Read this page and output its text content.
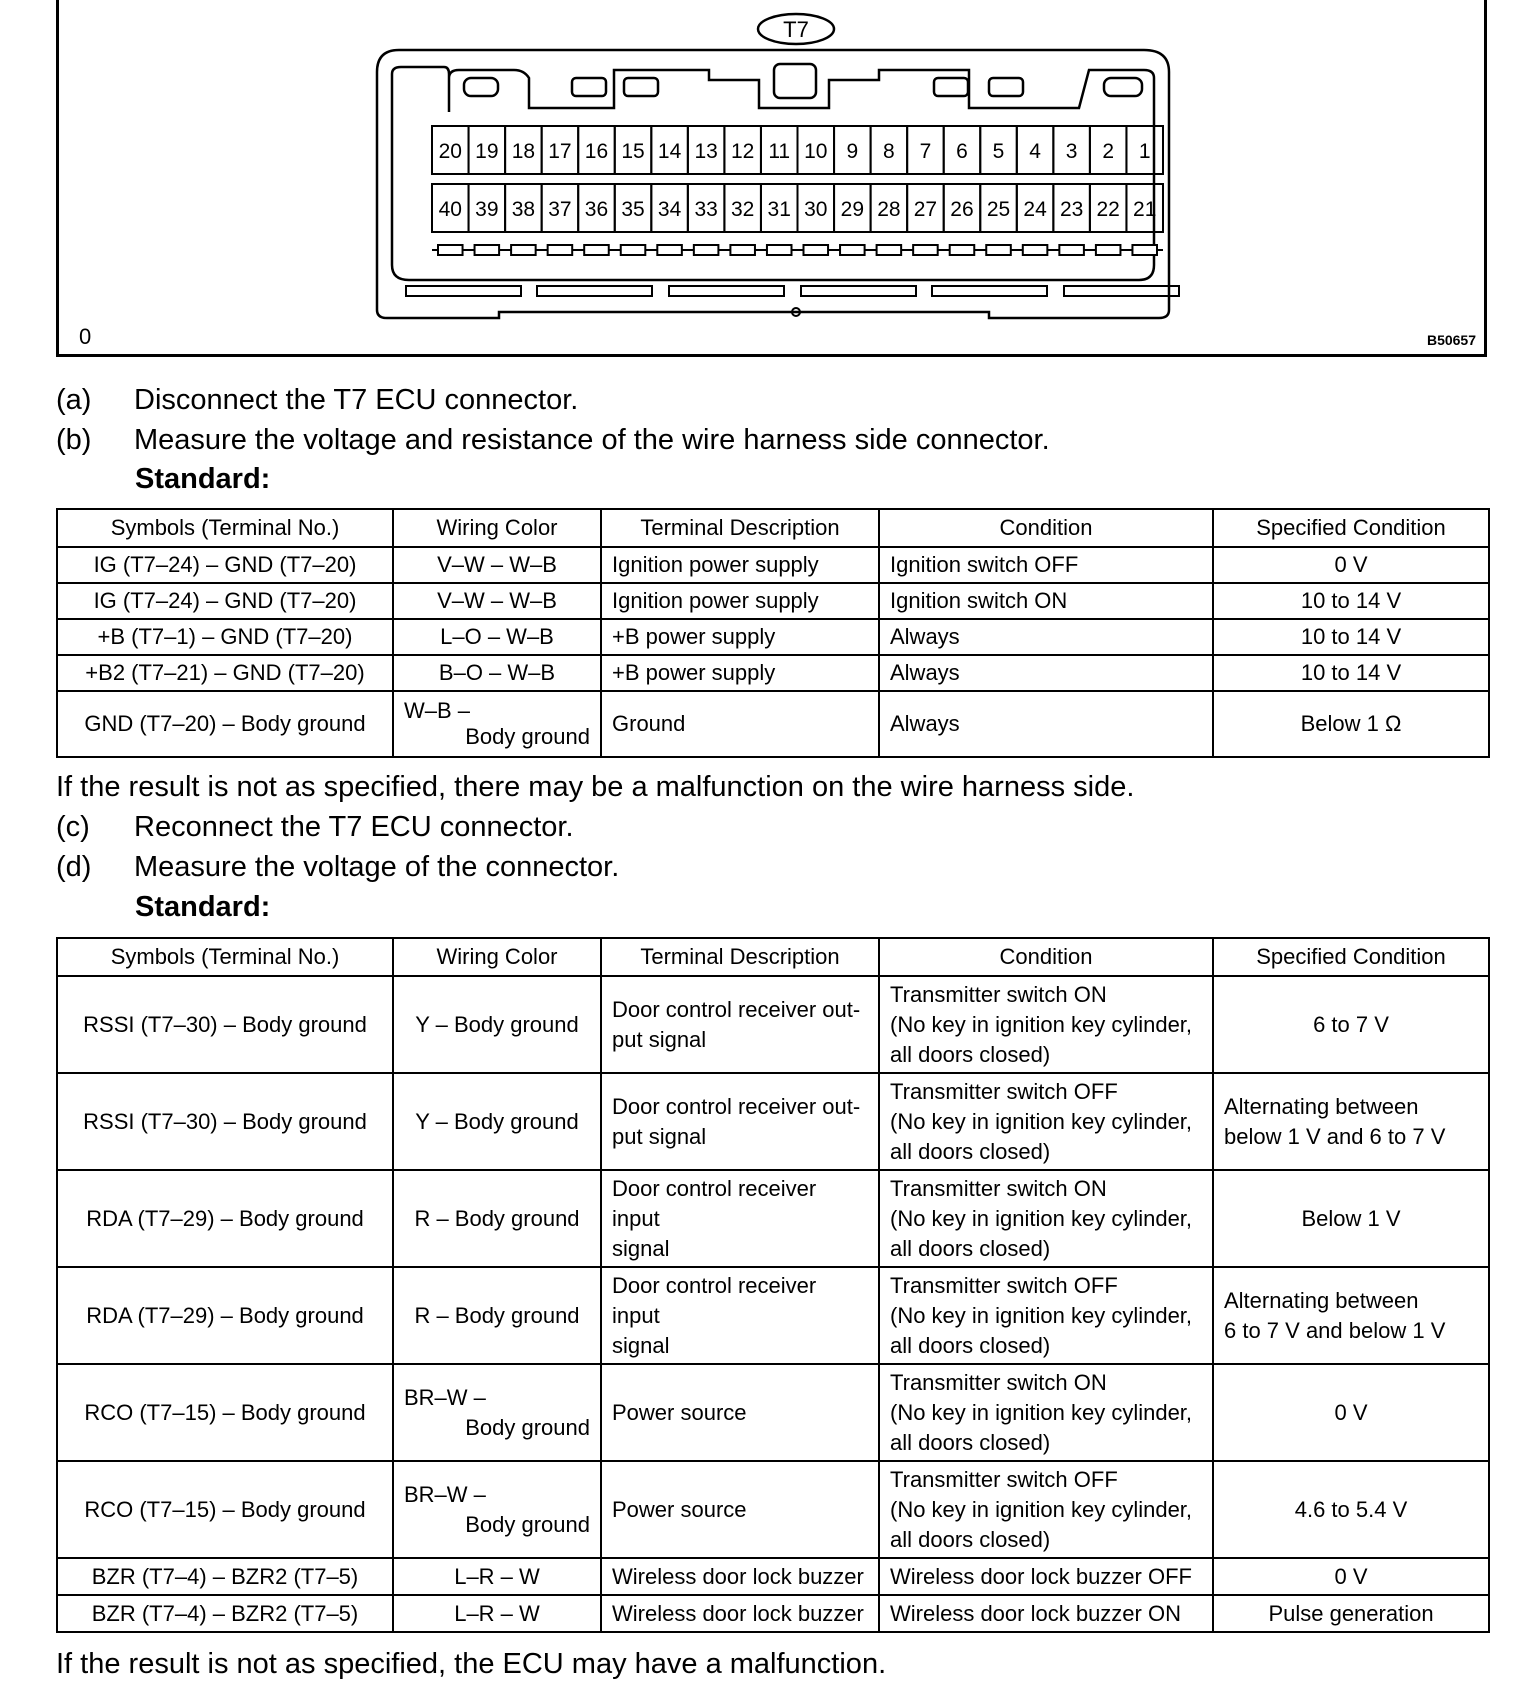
T7
20 19 18 17 16 15 14 13 12 11 10 9 8 7 6 5 4 3 2 1
40 39 38 37 36 35 34 33 32 31 30 29 28 27 26 25 24 23 22 21
0	B50657
(a) Disconnect the T7 ECU connector.
(b) Measure the voltage and resistance of the wire harness side connector.
Standard:
Symbols (Terminal No.)	Wiring Color	Terminal Description	Condition	Specified Condition
IG (T7–24) – GND (T7–20)	V–W – W–B	Ignition power supply	Ignition switch OFF	0 V
IG (T7–24) – GND (T7–20)	V–W – W–B	Ignition power supply	Ignition switch ON	10 to 14 V
+B (T7–1) – GND (T7–20)	L–O – W–B	+B power supply	Always	10 to 14 V
+B2 (T7–21) – GND (T7–20)	B–O – W–B	+B power supply	Always	10 to 14 V
GND (T7–20) – Body ground	W–B –
Body ground	Ground	Always	Below 1 Ω
If the result is not as specified, there may be a malfunction on the wire harness side.
(c) Reconnect the T7 ECU connector.
(d) Measure the voltage of the connector.
Standard:
Symbols (Terminal No.)	Wiring Color	Terminal Description	Condition	Specified Condition
RSSI (T7–30) – Body ground	Y – Body ground	Door control receiver out-
put signal	Transmitter switch ON
(No key in ignition key cylinder,
all doors closed)	6 to 7 V
RSSI (T7–30) – Body ground	Y – Body ground	Door control receiver out-
put signal	Transmitter switch OFF
(No key in ignition key cylinder,
all doors closed)	Alternating between
below 1 V and 6 to 7 V

RDA (T7–29) – Body ground	R – Body ground	Door control receiver input
signal	Transmitter switch ON
(No key in ignition key cylinder,
all doors closed)	Below 1 V
RDA (T7–29) – Body ground	R – Body ground	Door control receiver input
signal	Transmitter switch OFF
(No key in ignition key cylinder,
all doors closed)	Alternating between
6 to 7 V and below 1 V

RCO (T7–15) – Body ground	BR–W –
Body ground	Power source	Transmitter switch ON
(No key in ignition key cylinder,
all doors closed)	0 V
RCO (T7–15) – Body ground	BR–W –
Body ground	Power source	Transmitter switch OFF
(No key in ignition key cylinder,
all doors closed)	4.6 to 5.4 V
BZR (T7–4) – BZR2 (T7–5)	L–R – W	Wireless door lock buzzer	Wireless door lock buzzer OFF	0 V
BZR (T7–4) – BZR2 (T7–5)	L–R – W	Wireless door lock buzzer	Wireless door lock buzzer ON	Pulse generation
If the result is not as specified, the ECU may have a malfunction.
